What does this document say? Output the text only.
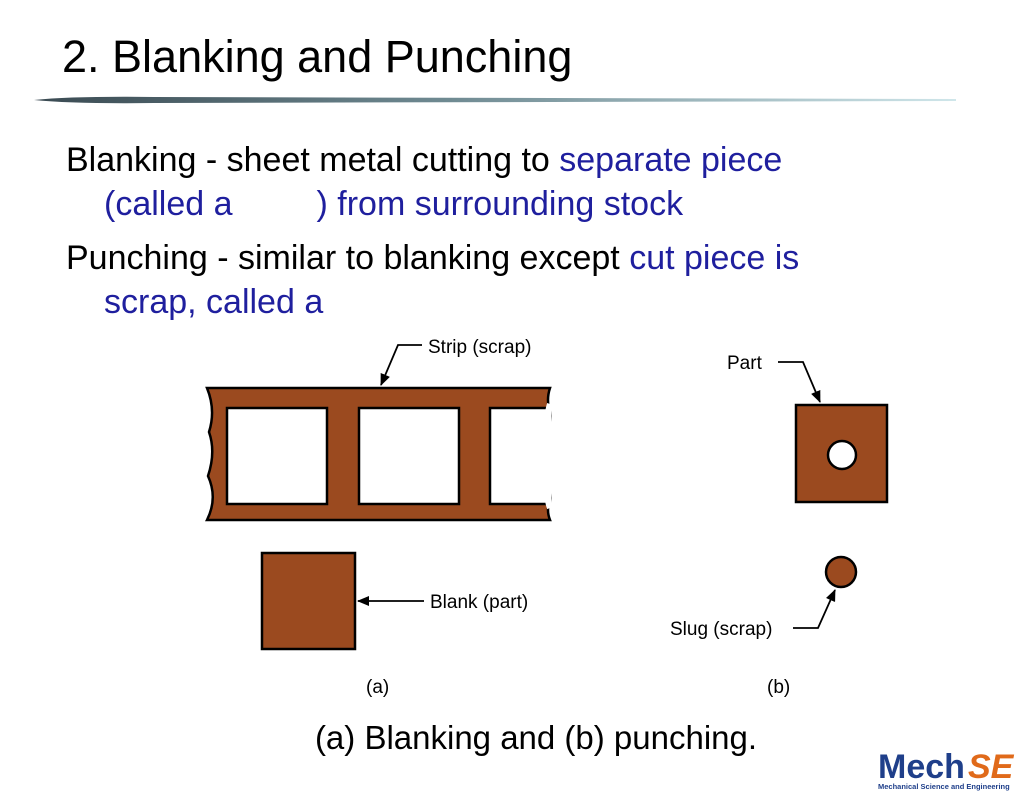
2. Blanking and Punching
Blanking - sheet metal cutting to separate piece
(called a ) from surrounding stock
Punching - similar to blanking except cut piece is
scrap, called a
Strip (scrap)
Blank (part)
Part
Slug (scrap)
(a)	(b)
(a) Blanking and (b) punching.
Mech SE
Mechanical Science and Engineering
